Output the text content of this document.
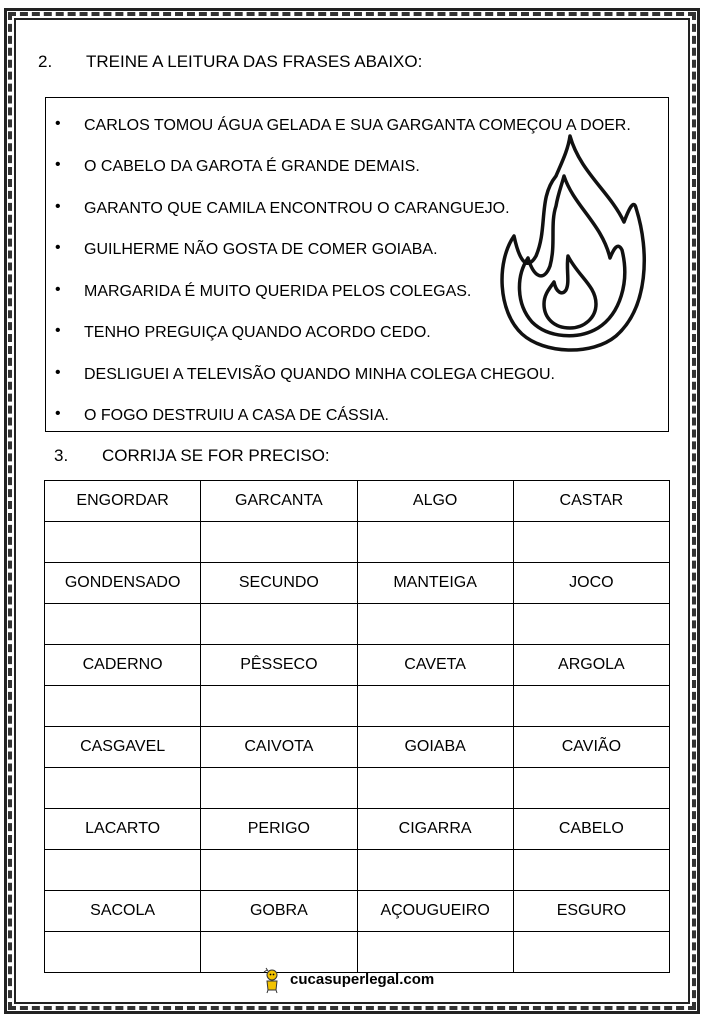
2. TREINE A LEITURA DAS FRASES ABAIXO:
• CARLOS TOMOU ÁGUA GELADA E SUA GARGANTA COMEÇOU A DOER.
• O CABELO DA GAROTA É GRANDE DEMAIS.
• GARANTO QUE CAMILA ENCONTROU O CARANGUEJO.
• GUILHERME NÃO GOSTA DE COMER GOIABA.
• MARGARIDA É MUITO QUERIDA PELOS COLEGAS.
• TENHO PREGUIÇA QUANDO ACORDO CEDO.
• DESLIGUEI A TELEVISÃO QUANDO MINHA COLEGA CHEGOU.
• O FOGO DESTRUIU A CASA DE CÁSSIA.
3. CORRIJA SE FOR PRECISO:
ENGORDAR	GARCANTA	ALGO	CASTAR

GONDENSADO	SECUNDO	MANTEIGA	JOCO

CADERNO	PÊSSECO	CAVETA	ARGOLA

CASGAVEL	CAIVOTA	GOIABA	CAVIÃO

LACARTO	PERIGO	CIGARRA	CABELO

SACOLA	GOBRA	AÇOUGUEIRO	ESGURO

cucasuperlegal.com
